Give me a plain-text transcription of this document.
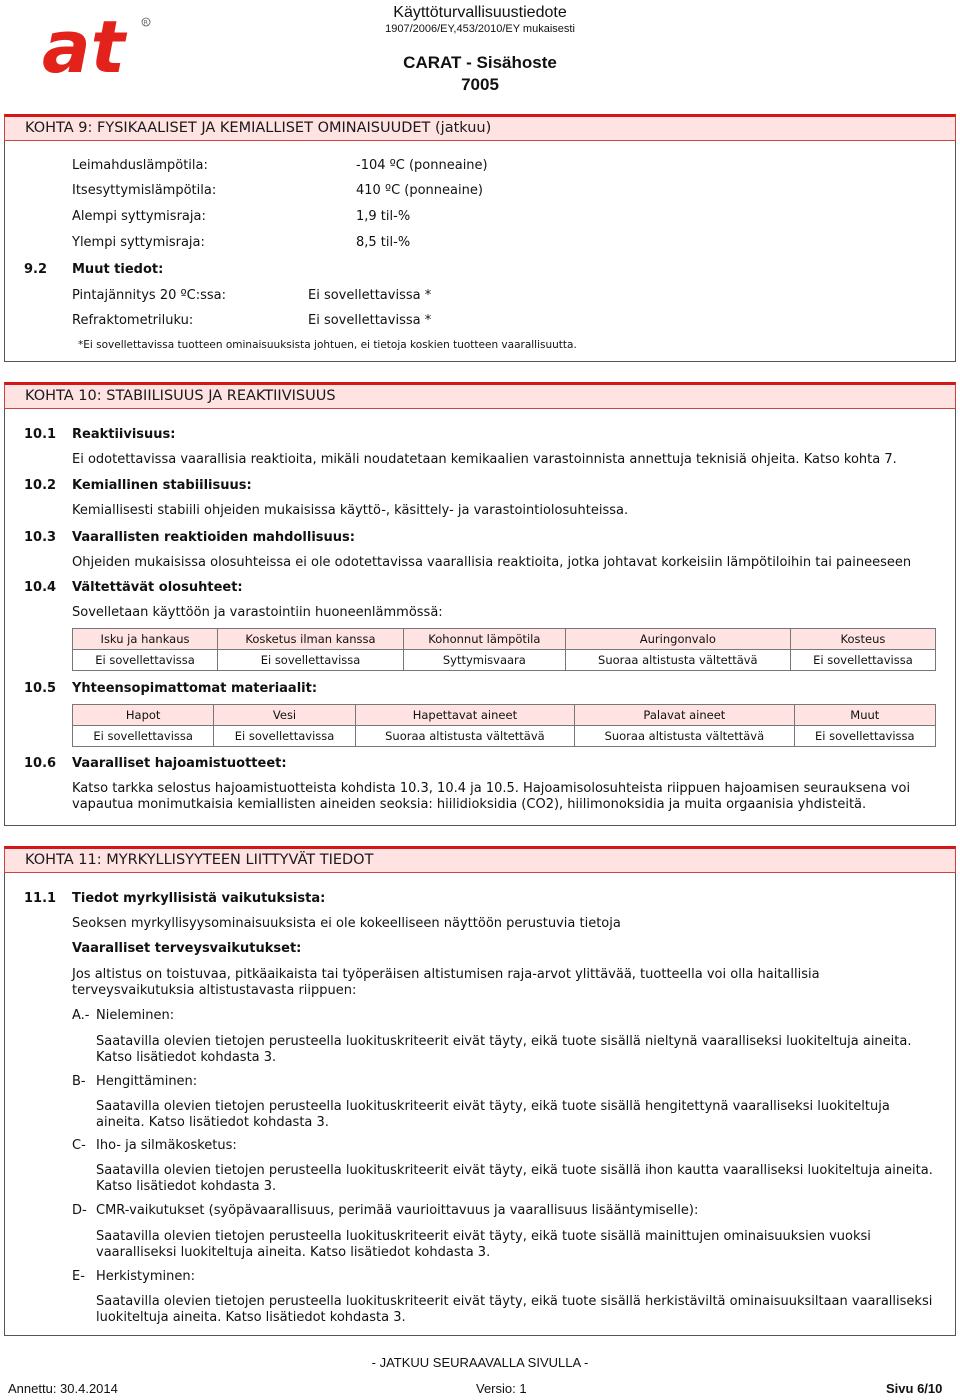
at	R
Käyttöturvallisuustiedote
1907/2006/EY,453/2010/EY mukaisesti
CARAT - Sisähoste
7005
KOHTA 9: FYSIKAALISET JA KEMIALLISET OMINAISUUDET (jatkuu)
Leimahduslämpötila:	-104 ºC (ponneaine)
Itsesyttymislämpötila:	410 ºC (ponneaine)
Alempi syttymisraja:	1,9 til-%
Ylempi syttymisraja:	8,5 til-%
9.2 Muut tiedot:
Pintajännitys 20 ºC:ssa:	Ei sovellettavissa *
Refraktometriluku:	Ei sovellettavissa *
*Ei sovellettavissa tuotteen ominaisuuksista johtuen, ei tietoja koskien tuotteen vaarallisuutta.
KOHTA 10: STABIILISUUS JA REAKTIIVISUUS
10.1 Reaktiivisuus:
Ei odotettavissa vaarallisia reaktioita, mikäli noudatetaan kemikaalien varastoinnista annettuja teknisiä ohjeita. Katso kohta 7.
10.2 Kemiallinen stabiilisuus:
Kemiallisesti stabiili ohjeiden mukaisissa käyttö-, käsittely- ja varastointiolosuhteissa.
10.3 Vaarallisten reaktioiden mahdollisuus:
Ohjeiden mukaisissa olosuhteissa ei ole odotettavissa vaarallisia reaktioita, jotka johtavat korkeisiin lämpötiloihin tai paineeseen
10.4 Vältettävät olosuhteet:
Sovelletaan käyttöön ja varastointiin huoneenlämmössä:
Isku ja hankaus	Kosketus ilman kanssa	Kohonnut lämpötila	Auringonvalo	Kosteus
Ei sovellettavissa	Ei sovellettavissa	Syttymisvaara	Suoraa altistusta vältettävä	Ei sovellettavissa
10.5 Yhteensopimattomat materiaalit:
Hapot	Vesi	Hapettavat aineet	Palavat aineet	Muut
Ei sovellettavissa	Ei sovellettavissa	Suoraa altistusta vältettävä	Suoraa altistusta vältettävä	Ei sovellettavissa
10.6 Vaaralliset hajoamistuotteet:
Katso tarkka selostus hajoamistuotteista kohdista 10.3, 10.4 ja 10.5. Hajoamisolosuhteista riippuen hajoamisen seurauksena voi vapautua monimutkaisia kemiallisten aineiden seoksia: hiilidioksidia (CO2), hiilimonoksidia ja muita orgaanisia yhdisteitä.
KOHTA 11: MYRKYLLISYYTEEN LIITTYVÄT TIEDOT
11.1 Tiedot myrkyllisistä vaikutuksista:
Seoksen myrkyllisyysominaisuuksista ei ole kokeelliseen näyttöön perustuvia tietoja
Vaaralliset terveysvaikutukset:
Jos altistus on toistuvaa, pitkäaikaista tai työperäisen altistumisen raja-arvot ylittävää, tuotteella voi olla haitallisia terveysvaikutuksia altistustavasta riippuen:
A.- Nieleminen:
Saatavilla olevien tietojen perusteella luokituskriteerit eivät täyty, eikä tuote sisällä nieltynä vaaralliseksi luokiteltuja aineita. Katso lisätiedot kohdasta 3.
B- Hengittäminen:
Saatavilla olevien tietojen perusteella luokituskriteerit eivät täyty, eikä tuote sisällä hengitettynä vaaralliseksi luokiteltuja aineita. Katso lisätiedot kohdasta 3.
C- Iho- ja silmäkosketus:
Saatavilla olevien tietojen perusteella luokituskriteerit eivät täyty, eikä tuote sisällä ihon kautta vaaralliseksi luokiteltuja aineita. Katso lisätiedot kohdasta 3.
D- CMR-vaikutukset (syöpävaarallisuus, perimää vaurioittavuus ja vaarallisuus lisääntymiselle):
Saatavilla olevien tietojen perusteella luokituskriteerit eivät täyty, eikä tuote sisällä mainittujen ominaisuuksien vuoksi vaaralliseksi luokiteltuja aineita. Katso lisätiedot kohdasta 3.
E- Herkistyminen:
Saatavilla olevien tietojen perusteella luokituskriteerit eivät täyty, eikä tuote sisällä herkistäviltä ominaisuuksiltaan vaaralliseksi luokiteltuja aineita. Katso lisätiedot kohdasta 3.
- JATKUU SEURAAVALLA SIVULLA -
Annettu: 30.4.2014	Versio: 1	Sivu 6/10
